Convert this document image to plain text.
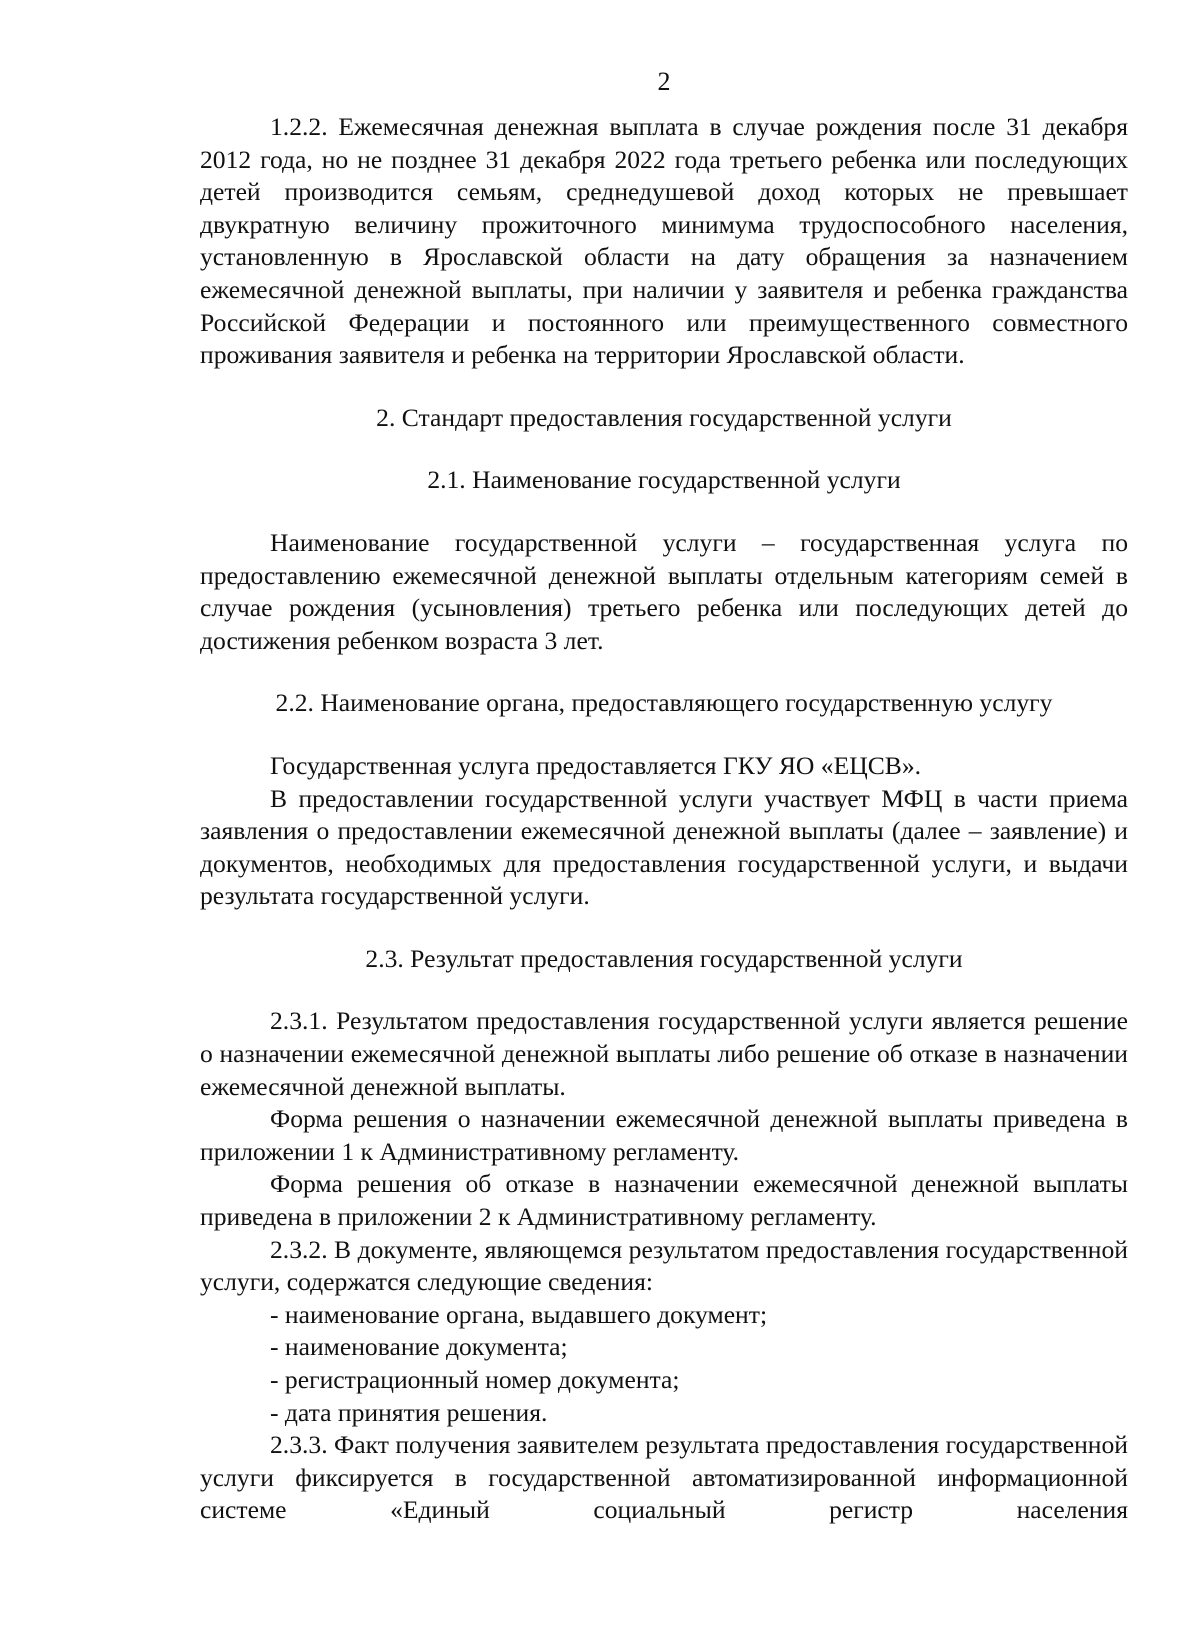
2

1.2.2. Ежемесячная денежная выплата в случае рождения после 31 декабря 2012 года, но не позднее 31 декабря 2022 года третьего ребенка или последующих детей производится семьям, среднедушевой доход которых не превышает двукратную величину прожиточного минимума трудоспособного населения, установленную в Ярославской области на дату обращения за назначением ежемесячной денежной выплаты, при наличии у заявителя и ребенка гражданства Российской Федерации и постоянного или преимущественного совместного проживания заявителя и ребенка на территории Ярославской области.

2. Стандарт предоставления государственной услуги
2.1. Наименование государственной услуги

Наименование государственной услуги – государственная услуга по предоставлению ежемесячной денежной выплаты отдельным категориям семей в случае рождения (усыновления) третьего ребенка или последующих детей до достижения ребенком возраста 3 лет.

2.2. Наименование органа, предоставляющего государственную услугу

Государственная услуга предоставляется ГКУ ЯО «ЕЦСВ».

В предоставлении государственной услуги участвует МФЦ в части приема заявления о предоставлении ежемесячной денежной выплаты (далее – заявление) и документов, необходимых для предоставления государственной услуги, и выдачи результата государственной услуги.

2.3. Результат предоставления государственной услуги

2.3.1. Результатом предоставления государственной услуги является решение о назначении ежемесячной денежной выплаты либо решение об отказе в назначении ежемесячной денежной выплаты.

Форма решения о назначении ежемесячной денежной выплаты приведена в приложении 1 к Административному регламенту.

Форма решения об отказе в назначении ежемесячной денежной выплаты приведена в приложении 2 к Административному регламенту.

2.3.2. В документе, являющемся результатом предоставления государственной услуги, содержатся следующие сведения:

- наименование органа, выдавшего документ;

- наименование документа;

- регистрационный номер документа;

- дата принятия решения.

2.3.3. Факт получения заявителем результата предоставления государственной услуги фиксируется в государственной автоматизированной информационной системе «Единый социальный регистр населения
